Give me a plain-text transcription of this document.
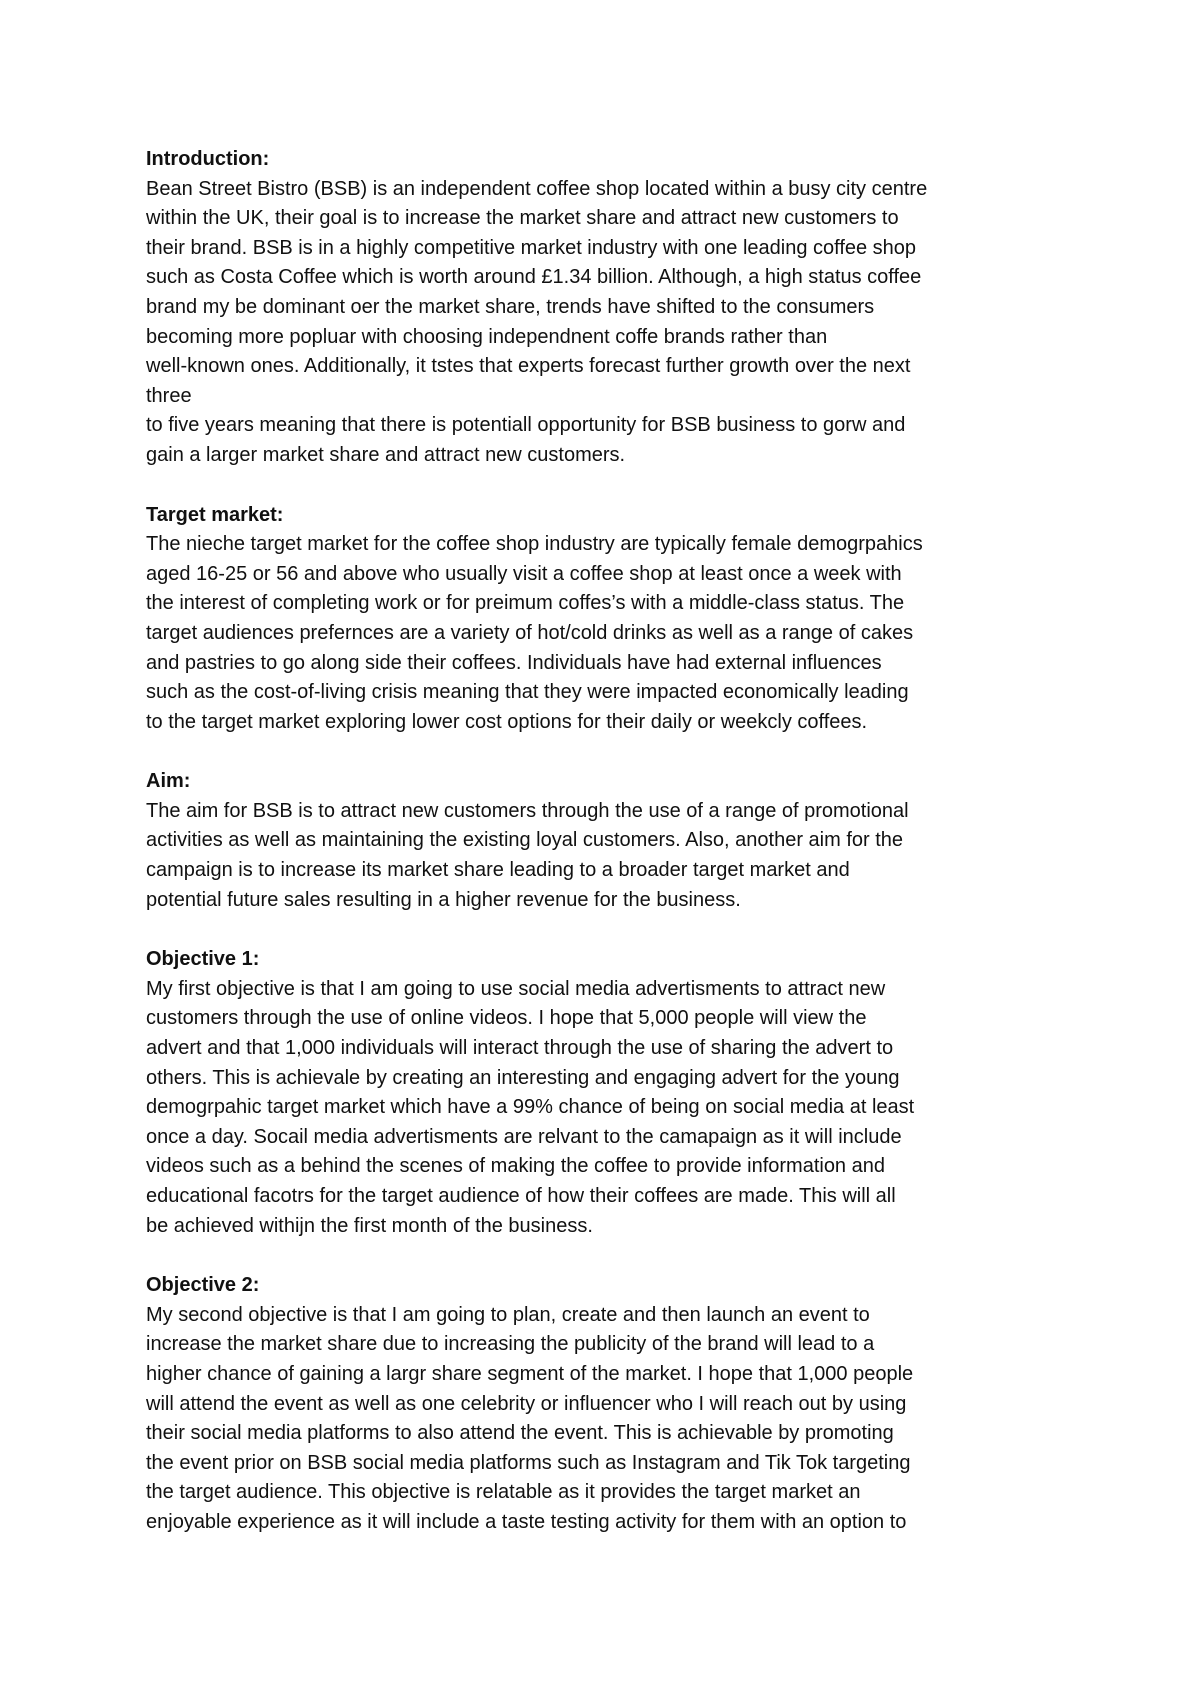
Introduction:

Bean Street Bistro (BSB) is an independent coffee shop located within a busy city centre
within the UK, their goal is to increase the market share and attract new customers to
their brand. BSB is in a highly competitive market industry with one leading coffee shop
such as Costa Coffee which is worth around £1.34 billion. Although, a high status coffee
brand my be dominant oer the market share, trends have shifted to the consumers
becoming more popluar with choosing independnent coffe brands rather than
well‑known ones. Additionally, it tstes that experts forecast further growth over the next
three
to five years meaning that there is potentiall opportunity for BSB business to gorw and
gain a larger market share and attract new customers.

Target market:

The nieche target market for the coffee shop industry are typically female demogrpahics
aged 16-25 or 56 and above who usually visit a coffee shop at least once a week with
the interest of completing work or for preimum coffes’s with a middle-class status. The
target audiences prefernces are a variety of hot/cold drinks as well as a range of cakes
and pastries to go along side their coffees. Individuals have had external influences
such as the cost-of-living crisis meaning that they were impacted economically leading
to the target market exploring lower cost options for their daily or weekcly coffees.

Aim:

The aim for BSB is to attract new customers through the use of a range of promotional
activities as well as maintaining the existing loyal customers. Also, another aim for the
campaign is to increase its market share leading to a broader target market and
potential future sales resulting in a higher revenue for the business.

Objective 1:

My first objective is that I am going to use social media advertisments to attract new
customers through the use of online videos. I hope that 5,000 people will view the
advert and that 1,000 individuals will interact through the use of sharing the advert to
others. This is achievale by creating an interesting and engaging advert for the young
demogrpahic target market which have a 99% chance of being on social media at least
once a day. Socail media advertisments are relvant to the camapaign as it will include
videos such as a behind the scenes of making the coffee to provide information and
educational facotrs for the target audience of how their coffees are made. This will all
be achieved withijn the first month of the business.

Objective 2:

My second objective is that I am going to plan, create and then launch an event to
increase the market share due to increasing the publicity of the brand will lead to a
higher chance of gaining a largr share segment of the market. I hope that 1,000 people
will attend the event as well as one celebrity or influencer who I will reach out by using
their social media platforms to also attend the event. This is achievable by promoting
the event prior on BSB social media platforms such as Instagram and Tik Tok targeting
the target audience. This objective is relatable as it provides the target market an
enjoyable experience as it will include a taste testing activity for them with an option to
